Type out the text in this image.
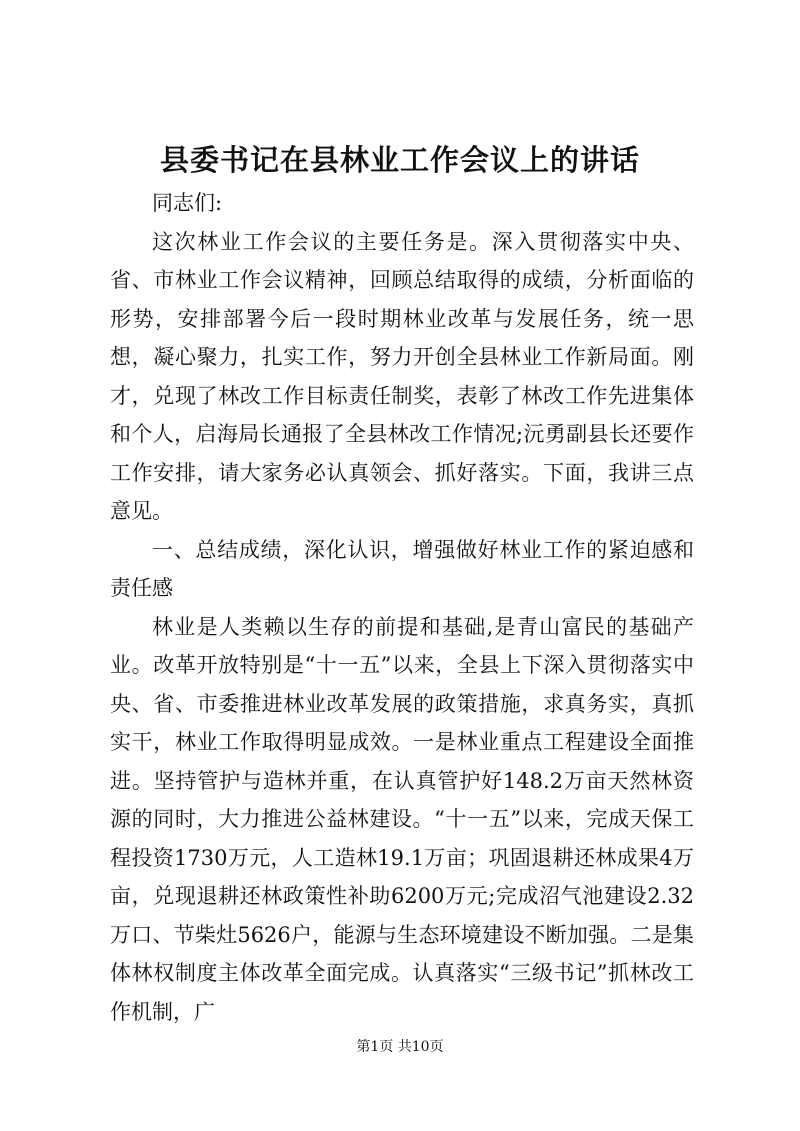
县委书记在县林业工作会议上的讲话

同志们:

这次林业工作会议的主要任务是。深入贯彻落实中央、省、市林业工作会议精神，回顾总结取得的成绩，分析面临的形势，安排部署今后一段时期林业改革与发展任务，统一思想，凝心聚力，扎实工作，努力开创全县林业工作新局面。刚才，兑现了林改工作目标责任制奖，表彰了林改工作先进集体和个人，启海局长通报了全县林改工作情况;沅勇副县长还要作工作安排，请大家务必认真领会、抓好落实。下面，我讲三点意见。

一、总结成绩，深化认识，增强做好林业工作的紧迫感和责任感

林业是人类赖以生存的前提和基础,是青山富民的基础产业。改革开放特别是“十一五”以来，全县上下深入贯彻落实中央、省、市委推进林业改革发展的政策措施，求真务实，真抓实干，林业工作取得明显成效。一是林业重点工程建设全面推进。坚持管护与造林并重，在认真管护好148.2万亩天然林资源的同时，大力推进公益林建设。“十一五”以来，完成天保工程投资1730万元，人工造林19.1万亩；巩固退耕还林成果4万亩，兑现退耕还林政策性补助6200万元;完成沼气池建设2.32万口、节柴灶5626户，能源与生态环境建设不断加强。二是集体林权制度主体改革全面完成。认真落实“三级书记”抓林改工作机制，广

第1页 共10页
